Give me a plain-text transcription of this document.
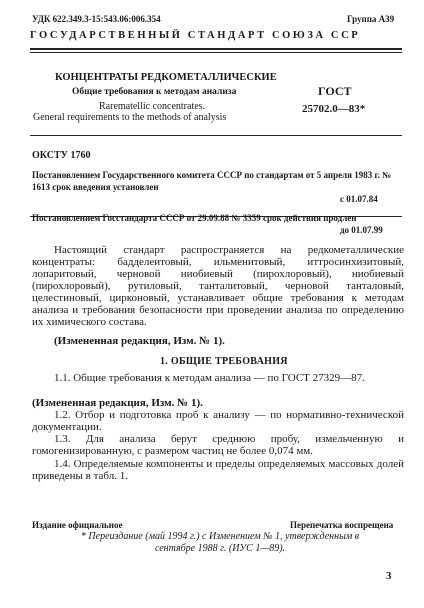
УДК 622.349.3-15:543.06:006.354	Группа А39
ГОСУДАРСТВЕННЫЙ СТАНДАРТ СОЮЗА ССР
КОНЦЕНТРАТЫ РЕДКОМЕТАЛЛИЧЕСКИЕ
Общие требования к методам анализа
Rarematellic concentrates.
General requirements to the methods of analysis
ГОСТ
25702.0—83*
ОКСТУ 1760
Постановлением Государственного комитета СССР по стандартам от 5 апреля 1983 г. № 1613 срок введения установлен
с 01.07.84
Постановлением Госстандарта СССР от 29.09.88 № 3359 срок действия продлен
до 01.07.99
Настоящий стандарт распространяется на редкометаллические концентраты: бадделеитовый, ильменитовый, иттросинхизитовый, лопаритовый, черновой ниобиевый (пирохлоровый), ниобиевый (пирохлоровый), рутиловый, танталитовый, черновой танталовый, целестиновый, цирконовый, устанавливает общие требования к методам анализа и требования безопасности при проведении анализа по определению их химического состава.
(Измененная редакция, Изм. № 1).
1. ОБЩИЕ ТРЕБОВАНИЯ
1.1. Общие требования к методам анализа — по ГОСТ 27329—87.
(Измененная редакция, Изм. № 1).
1.2. Отбор и подготовка проб к анализу — по нормативно-технической документации.
1.3. Для анализа берут среднюю пробу, измельченную и гомогенизированную, с размером частиц не более 0,074 мм.
1.4. Определяемые компоненты и пределы определяемых массовых долей приведены в табл. 1.
Издание официальное	Перепечатка воспрещена
* Переиздание (май 1994 г.) с Изменением № 1, утвержденным в сентябре 1988 г. (ИУС 1—89).
3
